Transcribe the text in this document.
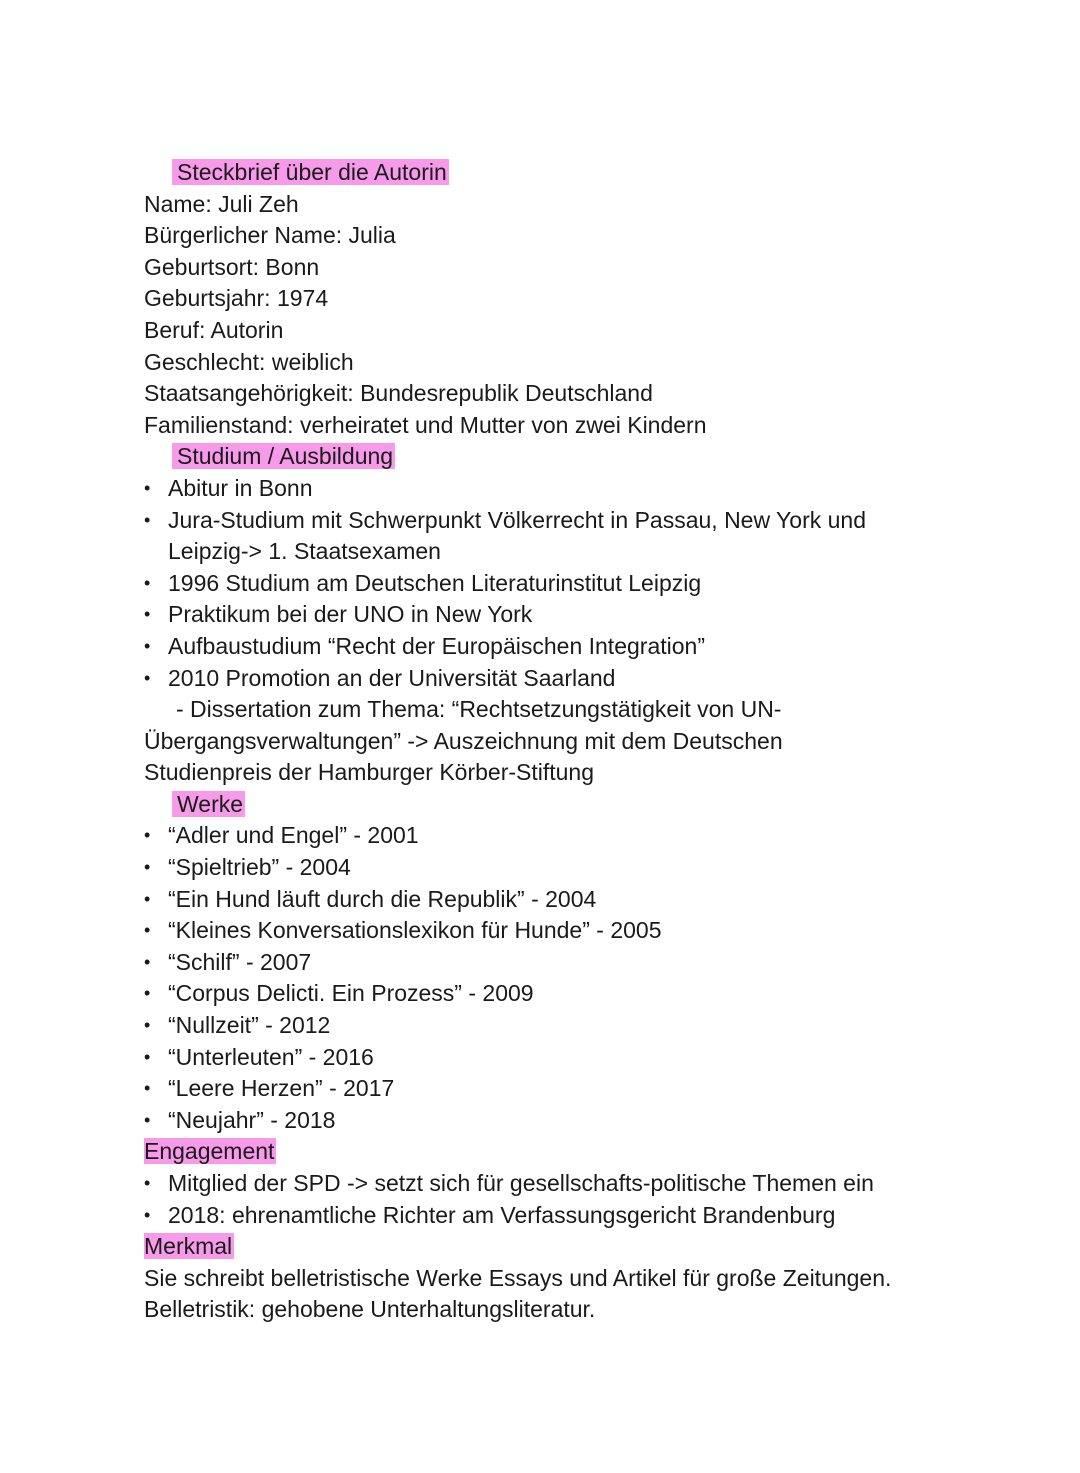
Steckbrief über die Autorin
Name: Juli Zeh
Bürgerlicher Name: Julia
Geburtsort: Bonn
Geburtsjahr: 1974
Beruf: Autorin
Geschlecht: weiblich
Staatsangehörigkeit: Bundesrepublik Deutschland
Familienstand: verheiratet und Mutter von zwei Kindern
Studium / Ausbildung
• Abitur in Bonn
• Jura-Studium mit Schwerpunkt Völkerrecht in Passau, New York und
Leipzig-> 1. Staatsexamen
• 1996 Studium am Deutschen Literaturinstitut Leipzig
• Praktikum bei der UNO in New York
• Aufbaustudium “Recht der Europäischen Integration”
• 2010 Promotion an der Universität Saarland
- Dissertation zum Thema: “Rechtsetzungstätigkeit von UN-
Übergangsverwaltungen” -> Auszeichnung mit dem Deutschen
Studienpreis der Hamburger Körber-Stiftung
Werke
• “Adler und Engel” - 2001
• “Spieltrieb” - 2004
• “Ein Hund läuft durch die Republik” - 2004
• “Kleines Konversationslexikon für Hunde” - 2005
• “Schilf” - 2007
• “Corpus Delicti. Ein Prozess” - 2009
• “Nullzeit” - 2012
• “Unterleuten” - 2016
• “Leere Herzen” - 2017
• “Neujahr” - 2018
Engagement
• Mitglied der SPD -> setzt sich für gesellschafts-politische Themen ein
• 2018: ehrenamtliche Richter am Verfassungsgericht Brandenburg
Merkmal
Sie schreibt belletristische Werke Essays und Artikel für große Zeitungen.
Belletristik: gehobene Unterhaltungsliteratur.
